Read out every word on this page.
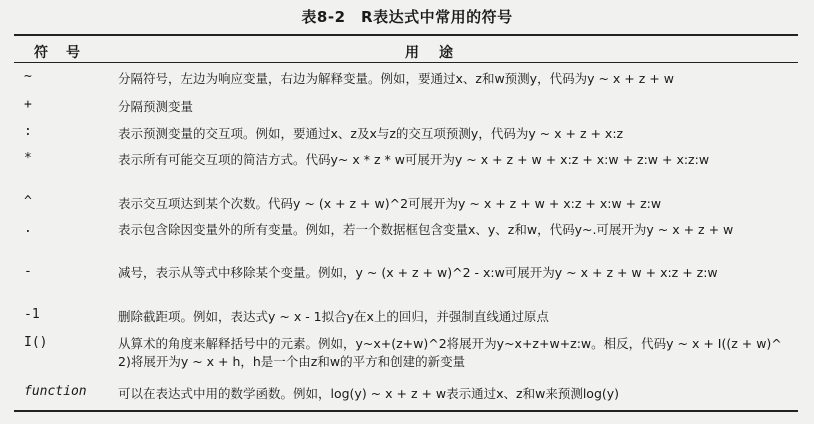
表8-2　R表达式中常用的符号
符号	用途
~	分隔符号，左边为响应变量，右边为解释变量。例如，要通过x、z和w预测y，代码为y ~ x + z + w
+	分隔预测变量
:	表示预测变量的交互项。例如，要通过x、z及x与z的交互项预测y，代码为y ~ x + z + x:z
*	表示所有可能交互项的简洁方式。代码y~ x * z * w可展开为y ~ x + z + w + x:z + x:w + z:w + x:z:w
^	表示交互项达到某个次数。代码y ~ (x + z + w)^2可展开为y ~ x + z + w + x:z + x:w + z:w
.	表示包含除因变量外的所有变量。例如，若一个数据框包含变量x、y、z和w，代码y~.可展开为y ~ x + z + w
-	减号，表示从等式中移除某个变量。例如，y ~ (x + z + w)^2 - x:w可展开为y ~ x + z + w + x:z + z:w
-1	删除截距项。例如，表达式y ~ x - 1拟合y在x上的回归，并强制直线通过原点
I()	从算术的角度来解释括号中的元素。例如，y~x+(z+w)^2将展开为y~x+z+w+z:w。相反，代码y ~ x + I((z + w)^2)将展开为y ~ x + h，h是一个由z和w的平方和创建的新变量
function	可以在表达式中用的数学函数。例如，log(y) ~ x + z + w表示通过x、z和w来预测log(y)
